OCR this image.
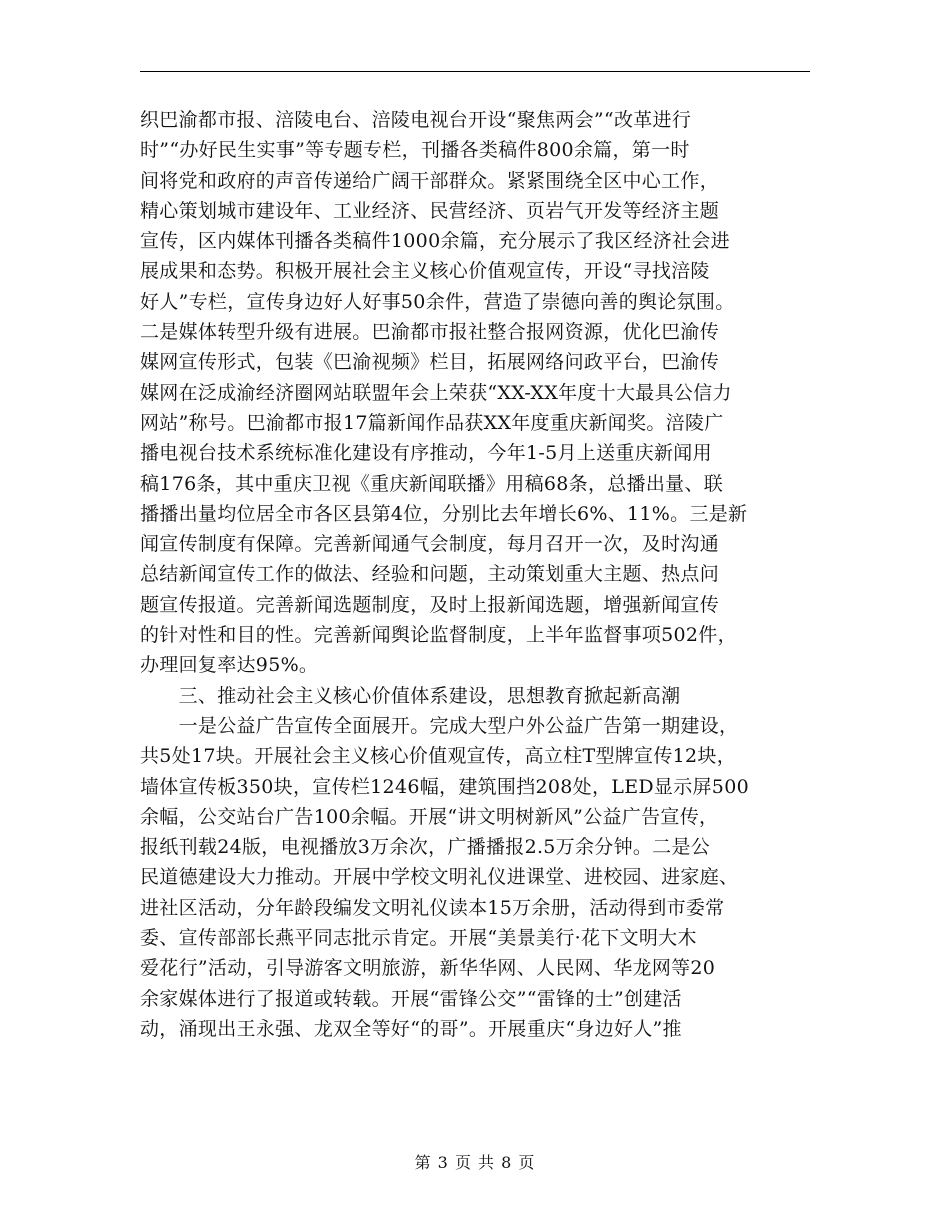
织巴渝都市报、涪陵电台、涪陵电视台开设“聚焦两会”“改革进行
时”“办好民生实事”等专题专栏，刊播各类稿件800余篇，第一时
间将党和政府的声音传递给广阔干部群众。紧紧围绕全区中心工作，
精心策划城市建设年、工业经济、民营经济、页岩气开发等经济主题
宣传，区内媒体刊播各类稿件1000余篇，充分展示了我区经济社会进
展成果和态势。积极开展社会主义核心价值观宣传，开设“寻找涪陵
好人”专栏，宣传身边好人好事50余件，营造了崇德向善的舆论氛围。
二是媒体转型升级有进展。巴渝都市报社整合报网资源，优化巴渝传
媒网宣传形式，包装《巴渝视频》栏目，拓展网络问政平台，巴渝传
媒网在泛成渝经济圈网站联盟年会上荣获“XX-XX年度十大最具公信力
网站”称号。巴渝都市报17篇新闻作品获XX年度重庆新闻奖。涪陵广
播电视台技术系统标准化建设有序推动，今年1-5月上送重庆新闻用
稿176条，其中重庆卫视《重庆新闻联播》用稿68条，总播出量、联
播播出量均位居全市各区县第4位，分别比去年增长6%、11%。三是新
闻宣传制度有保障。完善新闻通气会制度，每月召开一次，及时沟通
总结新闻宣传工作的做法、经验和问题，主动策划重大主题、热点问
题宣传报道。完善新闻选题制度，及时上报新闻选题，增强新闻宣传
的针对性和目的性。完善新闻舆论监督制度，上半年监督事项502件，
办理回复率达95%。
　　三、推动社会主义核心价值体系建设，思想教育掀起新高潮
　　一是公益广告宣传全面展开。完成大型户外公益广告第一期建设，
共5处17块。开展社会主义核心价值观宣传，高立柱T型牌宣传12块，
墙体宣传板350块，宣传栏1246幅，建筑围挡208处，LED显示屏500
余幅，公交站台广告100余幅。开展“讲文明树新风”公益广告宣传，
报纸刊载24版，电视播放3万余次，广播播报2.5万余分钟。二是公
民道德建设大力推动。开展中学校文明礼仪进课堂、进校园、进家庭、
进社区活动，分年龄段编发文明礼仪读本15万余册，活动得到市委常
委、宣传部部长燕平同志批示肯定。开展“美景美行·花下文明大木
爱花行”活动，引导游客文明旅游，新华华网、人民网、华龙网等20
余家媒体进行了报道或转载。开展“雷锋公交”“雷锋的士”创建活
动，涌现出王永强、龙双全等好“的哥”。开展重庆“身边好人”推
第 3 页 共 8 页
